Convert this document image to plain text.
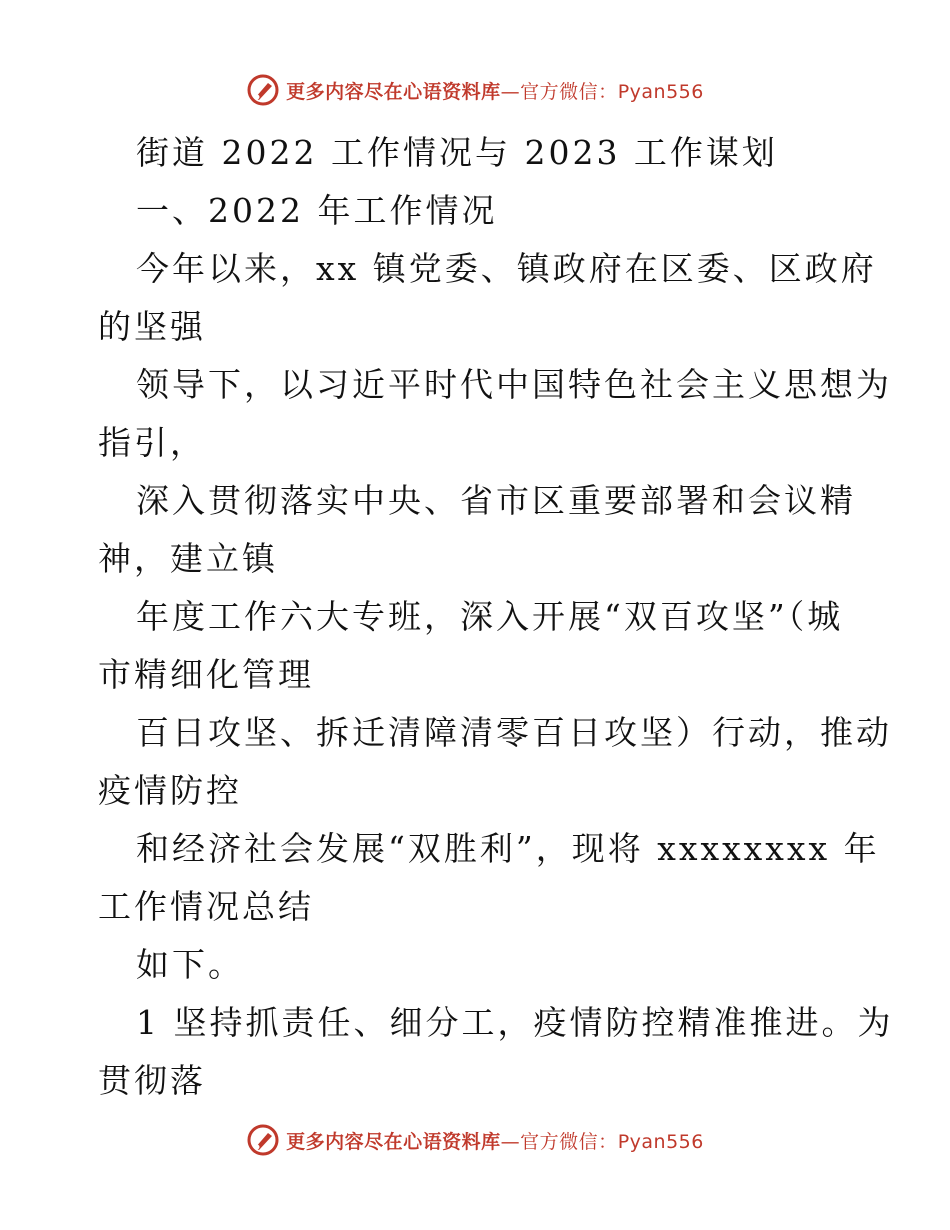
更多内容尽在心语资料库—官方微信：Pyan556
街道 2022 工作情况与 2023 工作谋划
一、2022 年工作情况
今年以来，xx 镇党委、镇政府在区委、区政府
的坚强
领导下，以习近平时代中国特色社会主义思想为
指引，
深入贯彻落实中央、省市区重要部署和会议精
神，建立镇
年度工作六大专班，深入开展“双百攻坚”（城
市精细化管理
百日攻坚、拆迁清障清零百日攻坚）行动，推动
疫情防控
和经济社会发展“双胜利”，现将 xxxxxxxx 年
工作情况总结
如下。
1 坚持抓责任、细分工，疫情防控精准推进。为
贯彻落
更多内容尽在心语资料库—官方微信：Pyan556
